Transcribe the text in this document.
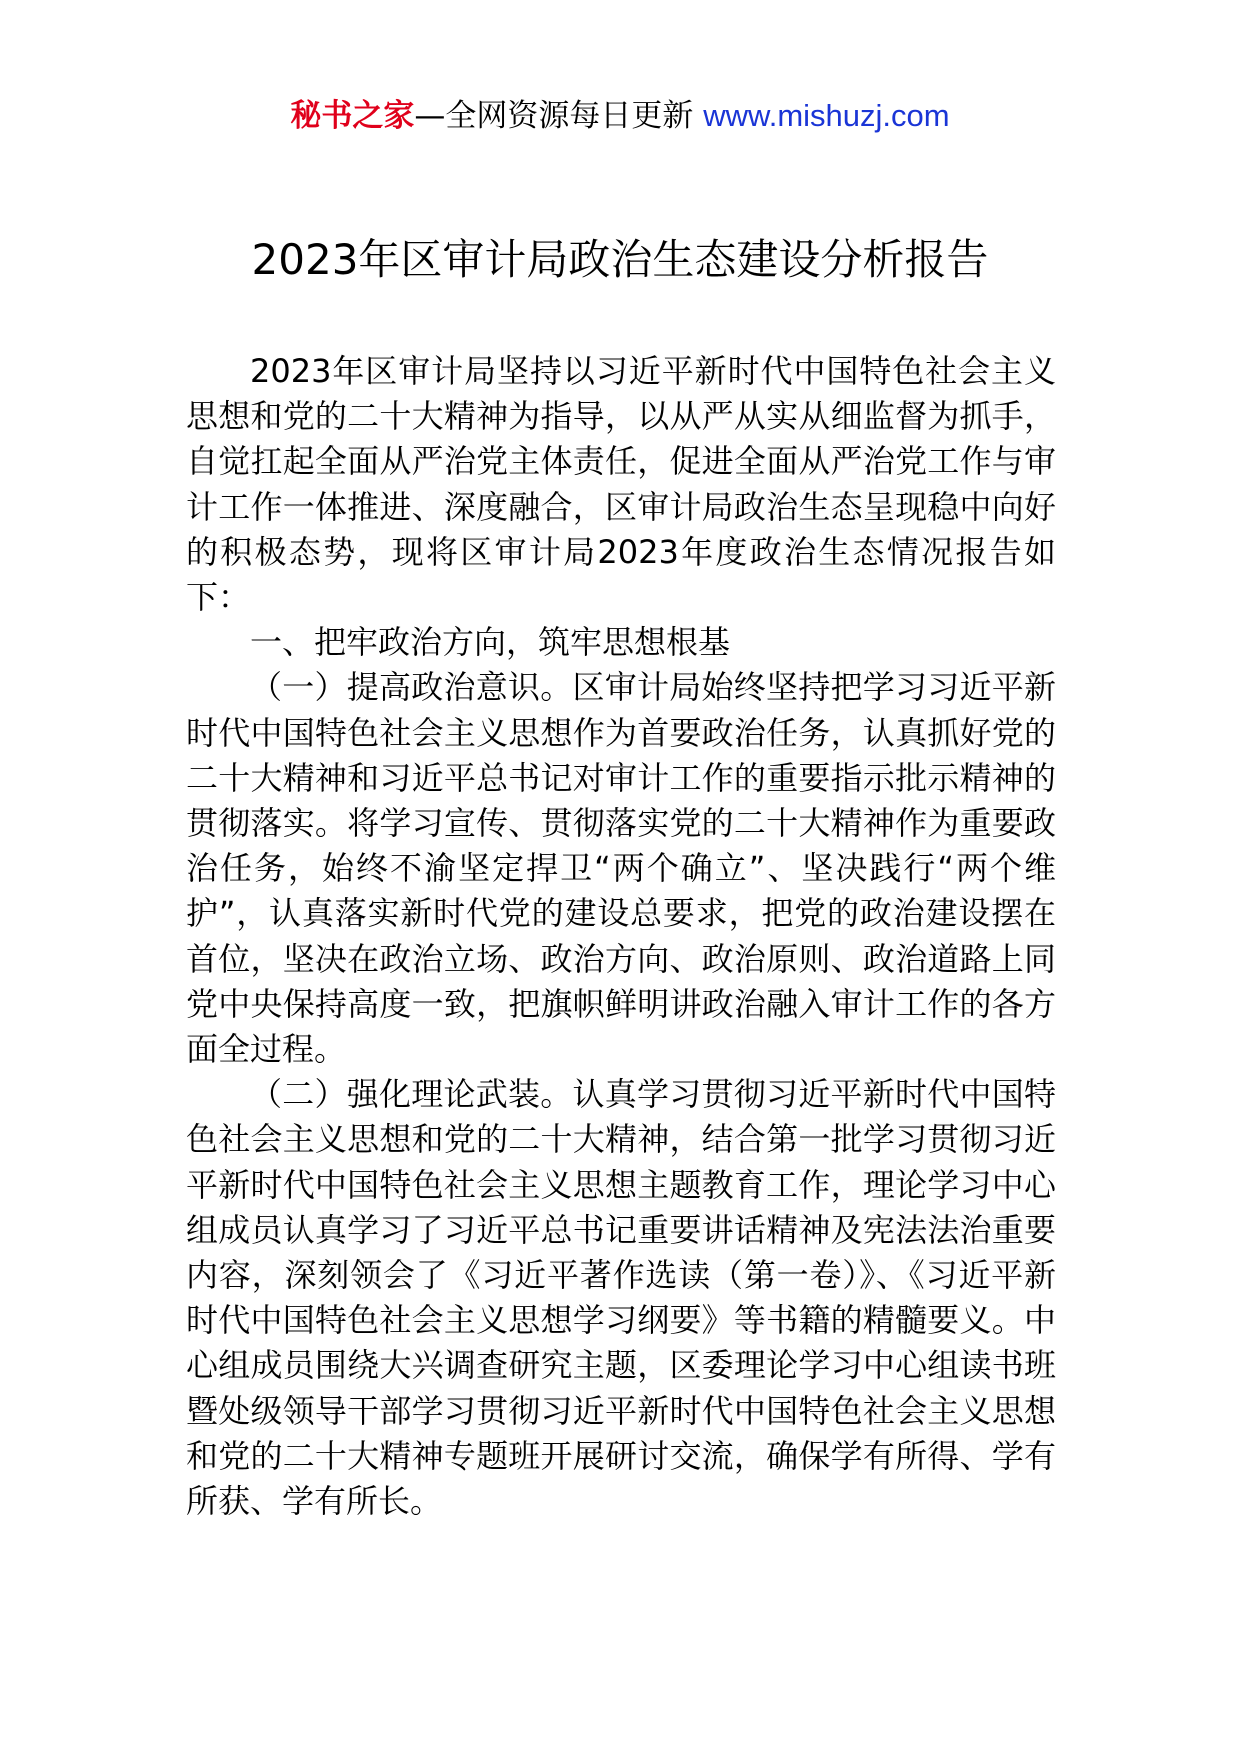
秘书之家—全网资源每日更新 www.mishuzj.com
2023年区审计局政治生态建设分析报告

2023年区审计局坚持以习近平新时代中国特色社会主义思想和党的二十大精神为指导，以从严从实从细监督为抓手，自觉扛起全面从严治党主体责任，促进全面从严治党工作与审计工作一体推进、深度融合，区审计局政治生态呈现稳中向好的积极态势，现将区审计局2023年度政治生态情况报告如下：

一、把牢政治方向，筑牢思想根基

（一）提高政治意识。区审计局始终坚持把学习习近平新时代中国特色社会主义思想作为首要政治任务，认真抓好党的二十大精神和习近平总书记对审计工作的重要指示批示精神的贯彻落实。将学习宣传、贯彻落实党的二十大精神作为重要政治任务，始终不渝坚定捍卫“两个确立”、坚决践行“两个维护”，认真落实新时代党的建设总要求，把党的政治建设摆在首位，坚决在政治立场、政治方向、政治原则、政治道路上同党中央保持高度一致，把旗帜鲜明讲政治融入审计工作的各方面全过程。

（二）强化理论武装。认真学习贯彻习近平新时代中国特色社会主义思想和党的二十大精神，结合第一批学习贯彻习近平新时代中国特色社会主义思想主题教育工作，理论学习中心组成员认真学习了习近平总书记重要讲话精神及宪法法治重要内容，深刻领会了《习近平著作选读（第一卷）》、《习近平新时代中国特色社会主义思想学习纲要》等书籍的精髓要义。中心组成员围绕大兴调查研究主题，区委理论学习中心组读书班暨处级领导干部学习贯彻习近平新时代中国特色社会主义思想和党的二十大精神专题班开展研讨交流，确保学有所得、学有所获、学有所长。
